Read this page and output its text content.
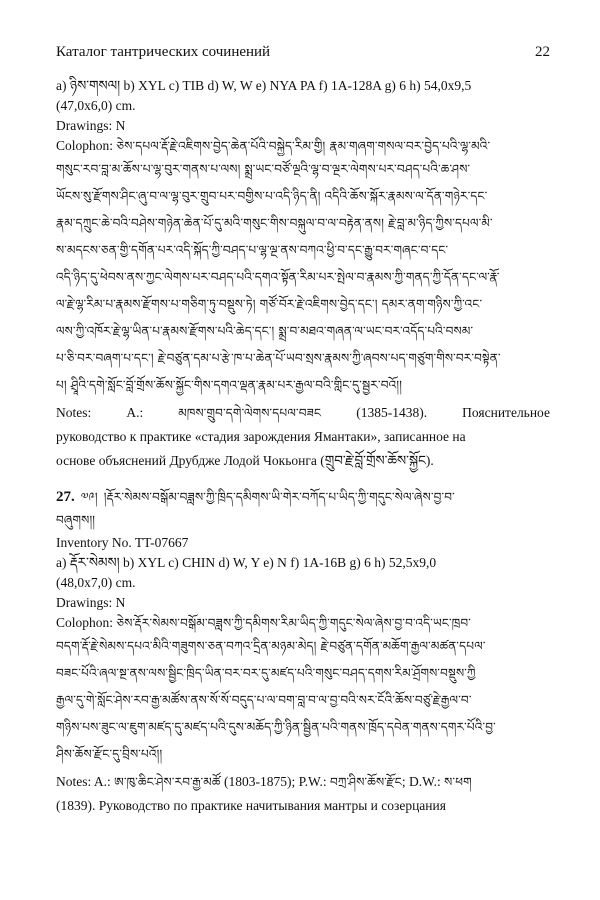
Каталог тантрических сочинений	22
a) ཉིས་གསལ། b) XYL c) TIB d) W, W e) NYA PA f) 1A-128A g) 6 h) 54,0x9,5
(47,0x6,0) cm.
Drawings: N
Colophon: ཅེས་དཔལ་རྡོ་རྗེ་འཇིགས་བྱེད་ཆེན་པོའི་བསྐྱེད་རིམ་གྱི། རྣམ་གཞག་གསལ་བར་བྱེད་པའི་ལྷ་མའི་
གསུང་རབ་བླ་མ་ཆོས་པ་ལྷ་བུར་གནས་པ་ལས། སྨྲ་ཡང་བཙོ་ལྔའི་ལྷ་བ་ལྔར་ལེགས་པར་བཤད་པའི་ཆ་ཤས་
ཡོངས་སུ་རྫོགས་ཤིང་ཞུ་བ་ལ་ལྷ་བུར་གྲུབ་པར་བགྱིས་པ་འདི་ཉིད་ནི། འདིའི་ཆོས་སྐོར་རྣམས་ལ་དོན་གཉེར་དང་
རྣམ་དཀྲུང་ཆེ་བའི་བཤེས་གཉེན་ཆེན་པོ་དུ་མའི་གསུང་གིས་བསྐུལ་བ་ལ་བརྟེན་ནས། རྗེ་བླ་མ་ཉིད་ཀྱིས་དཔལ་མི་
ས་མདངས་ཅན་གྱི་དགོན་པར་འདི་སྐོད་ཀྱི་བཤད་པ་ལྷ་ལྔ་ནས་བཀའ་ཕྱི་བ་དང་རྒྱུ་བར་གཞང་བ་དང་
འདི་ཉིད་དུ་ཕེབས་ནས་ཀྱང་ལེགས་པར་བཤད་པའི་དགའ་སྟོན་རིམ་པར་སྤེལ་བ་རྣམས་ཀྱི་གནད་ཀྱི་དོན་དང་ལ་རྣོ་
ལ་རྗེ་ལྷ་རིམ་པ་རྣམས་རྫོགས་པ་གཅིག་ཏུ་བསྡུས་ཏེ། གཙོ་བོར་རྗེ་འཇིགས་བྱེད་དང་། དམར་ནག་གཉིས་ཀྱི་འང་
ལས་ཀྱི་འཁོར་རྗེ་ལྷ་ཡིན་པ་རྣམས་རྫོགས་པའི་ཆེད་དང་། སྨྲ་བ་མཐའ་གཞན་ལ་ཡང་བར་འདོད་པའི་བསམ་
པ་ཅི་བར་བཞག་པ་དང་། རྗེ་བཙུན་དམ་པ་རྩེ་ཁ་པ་ཆེན་པོ་ཡབ་སྲས་རྣམས་ཀྱི་ཞབས་པད་གཙུག་གིས་བར་བསྟེན་
པ། ཤྲཱིའི་དགེ་སློང་བློ་གྲོས་ཆོས་སྐྱོང་གིས་དགའ་ལྡན་རྣམ་པར་རྒྱལ་བའི་གླིང་དུ་སྦྱར་བའོ།།
Notes:	A.:	མཁས་གྲུབ་དགེ་ལེགས་དཔལ་བཟང	(1385-1438).	Пояснительное
руководство к практике «стадия зарождения Ямантаки», записанное на
основе объяснений Друбдже Лодой Чокьонга (གྲུབ་རྗེ་བློ་གྲོས་ཆོས་སྐྱོང).
27. ༧༩། །རྡོར་སེམས་བསྒོམ་བཟླས་ཀྱི་ཁྲིད་དམིགས་ཡི་གེར་བཀོད་པ་ཡིད་ཀྱི་གདུང་སེལ་ཞེས་བྱ་བ་
བཞུགས།།
Inventory No. TT-07667
a) རྡོར་སེམས། b) XYL c) CHIN d) W, Y e) N f) 1A-16B g) 6 h) 52,5x9,0
(48,0x7,0) cm.
Drawings: N
Colophon: ཅེས་རྡོར་སེམས་བསྒོམ་བཟླས་ཀྱི་དམིགས་རིམ་ཡིད་ཀྱི་གདུང་སེལ་ཞེས་བྱ་བ་འདི་ཡང་ཁྲབ་
བདག་རྡོ་རྗེ་སེམས་དཔའ་མིའི་གཟུགས་ཅན་བཀའ་དྲིན་མཉམ་མེད། རྗེ་བཙུན་དགོན་མཆོག་རྒྱལ་མཚན་དཔལ་
བཟང་པོའི་ཞལ་སྔ་ནས་ལས་སྦྱིང་ཁྲིད་ཡིན་བར་བར་དུ་མཛད་པའི་གསུང་བཤད་དགས་རིམ་ཤྲོགས་བསྡུས་ཀྱི
རྒྱལ་དུ་གེ་སློང་ཤེས་རབ་རྒྱ་མཚོས་ནས་སོ་སོ་བདུད་པ་ལ་བག་བླ་བ་ལ་བྱ་བའི་སར་ངོའི་ཆོས་བཙུ་རྗེ་རྒྱལ་བ་
གཉིས་པས་ཟུང་ལ་ཇུག་མཛད་དུ་མཛད་པའི་དུས་མཆོད་ཀྱི་ཉིན་སྦྱིན་པའི་གནས་ཁྲོད་དབེན་གནས་དགར་པོའི་བྱ་
ཤིས་ཆོས་རྫོང་དུ་བྲིས་པའོ།།
Notes: A.: ཨ་ཁུ་ཆིང་ཤེས་རབ་རྒྱ་མཚོ (1803-1875); P.W.: བཀྲ་ཤིས་ཆོས་རྫོང; D.W.: ས་ཕག
(1839). Руководство по практике начитывания мантры и созерцания
